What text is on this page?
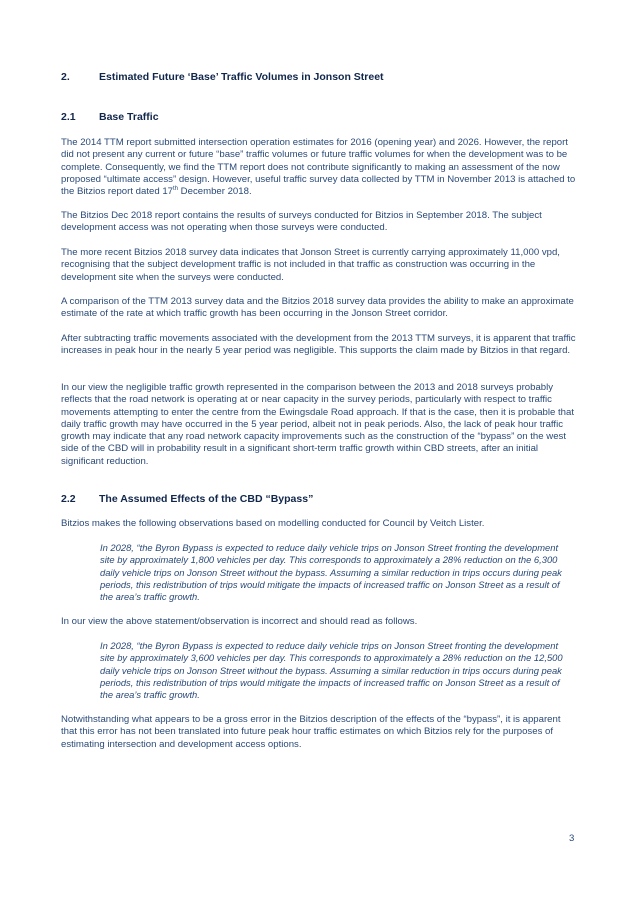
2.	Estimated Future ‘Base’ Traffic Volumes in Jonson Street
2.1 Base Traffic

The 2014 TTM report submitted intersection operation estimates for 2016 (opening year) and 2026. However, the report did not present any current or future “base” traffic volumes or future traffic volumes for when the development was to be complete. Consequently, we find the TTM report does not contribute significantly to making an assessment of the now proposed “ultimate access” design. However, useful traffic survey data collected by TTM in November 2013 is attached to the Bitzios report dated 17th December 2018.

The Bitzios Dec 2018 report contains the results of surveys conducted for Bitzios in September 2018. The subject development access was not operating when those surveys were conducted.

The more recent Bitzios 2018 survey data indicates that Jonson Street is currently carrying approximately 11,000 vpd, recognising that the subject development traffic is not included in that traffic as construction was occurring in the development site when the surveys were conducted.

A comparison of the TTM 2013 survey data and the Bitzios 2018 survey data provides the ability to make an approximate estimate of the rate at which traffic growth has been occurring in the Jonson Street corridor.

After subtracting traffic movements associated with the development from the 2013 TTM surveys, it is apparent that traffic increases in peak hour in the nearly 5 year period was negligible. This supports the claim made by Bitzios in that regard.

In our view the negligible traffic growth represented in the comparison between the 2013 and 2018 surveys probably reflects that the road network is operating at or near capacity in the survey periods, particularly with respect to traffic movements attempting to enter the centre from the Ewingsdale Road approach. If that is the case, then it is probable that daily traffic growth may have occurred in the 5 year period, albeit not in peak periods. Also, the lack of peak hour traffic growth may indicate that any road network capacity improvements such as the construction of the “bypass” on the west side of the CBD will in probability result in a significant short-term traffic growth within CBD streets, after an initial significant reduction.

2.2 The Assumed Effects of the CBD “Bypass”

Bitzios makes the following observations based on modelling conducted for Council by Veitch Lister.

In 2028, “the Byron Bypass is expected to reduce daily vehicle trips on Jonson Street fronting the development site by approximately 1,800 vehicles per day. This corresponds to approximately a 28% reduction on the 6,300 daily vehicle trips on Jonson Street without the bypass. Assuming a similar reduction in trips occurs during peak periods, this redistribution of trips would mitigate the impacts of increased traffic on Jonson Street as a result of the area’s traffic growth.

In our view the above statement/observation is incorrect and should read as follows.

In 2028, “the Byron Bypass is expected to reduce daily vehicle trips on Jonson Street fronting the development site by approximately 3,600 vehicles per day. This corresponds to approximately a 28% reduction on the 12,500 daily vehicle trips on Jonson Street without the bypass. Assuming a similar reduction in trips occurs during peak periods, this redistribution of trips would mitigate the impacts of increased traffic on Jonson Street as a result of the area’s traffic growth.

Notwithstanding what appears to be a gross error in the Bitzios description of the effects of the “bypass”, it is apparent that this error has not been translated into future peak hour traffic estimates on which Bitzios rely for the purposes of estimating intersection and development access options.

3
